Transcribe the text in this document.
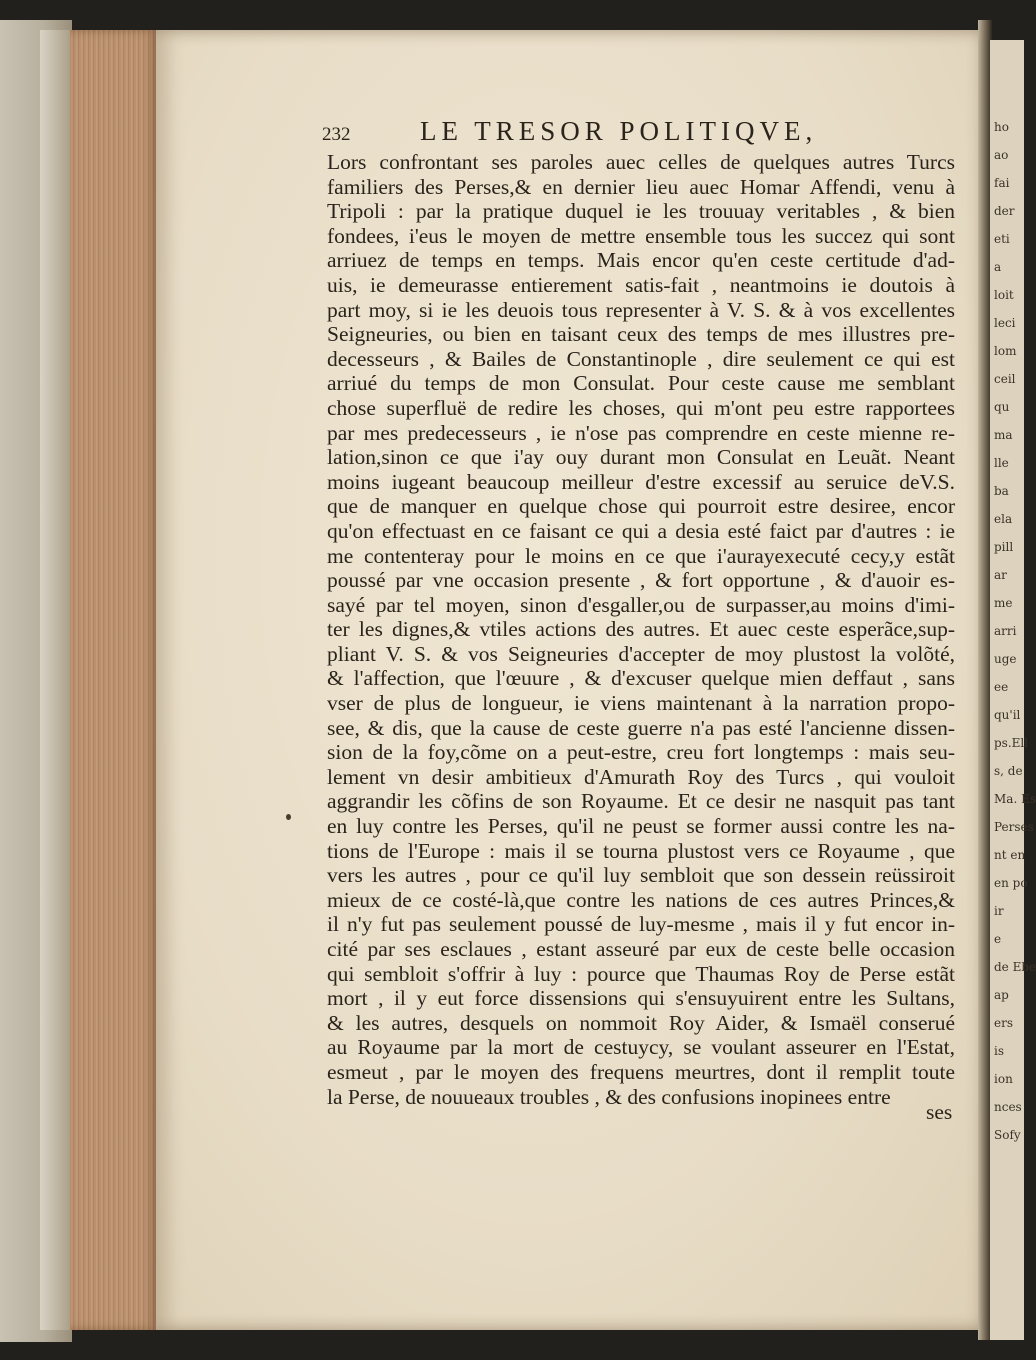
ho
ao
fai
der
eti
a
loit
leci
lom
ceil
qu
ma
lle
ba
ela
pill
ar
me
arri
uge
ee
qu'il
ps.Ell
s, de
Ma. Es
Perses
nt en
en po
ir
e
de Ebe
ap
ers
is
ion
nces
Sofy
232	LE TRESOR POLITIQVE,
Lors confrontant ses paroles auec celles de quelques autres Turcs
familiers des Perses,& en dernier lieu auec Homar Affendi, venu à
Tripoli : par la pratique duquel ie les trouuay veritables , & bien
fondees, i'eus le moyen de mettre ensemble tous les succez qui sont
arriuez de temps en temps. Mais encor qu'en ceste certitude d'ad-
uis, ie demeurasse entierement satis-fait , neantmoins ie doutois à
part moy, si ie les deuois tous representer à V. S. & à vos excellentes
Seigneuries, ou bien en taisant ceux des temps de mes illustres pre-
decesseurs , & Bailes de Constantinople , dire seulement ce qui est
arriué du temps de mon Consulat. Pour ceste cause me semblant
chose superfluë de redire les choses, qui m'ont peu estre rapportees
par mes predecesseurs , ie n'ose pas comprendre en ceste mienne re-
lation,sinon ce que i'ay ouy durant mon Consulat en Leuãt. Neant
moins iugeant beaucoup meilleur d'estre excessif au seruice deV.S.
que de manquer en quelque chose qui pourroit estre desiree, encor
qu'on effectuast en ce faisant ce qui a desia esté faict par d'autres : ie
me contenteray pour le moins en ce que i'aurayexecuté cecy,y estãt
poussé par vne occasion presente , & fort opportune , & d'auoir es-
sayé par tel moyen, sinon d'esgaller,ou de surpasser,au moins d'imi-
ter les dignes,& vtiles actions des autres. Et auec ceste esperãce,sup-
pliant V. S. & vos Seigneuries d'accepter de moy plustost la volõté,
& l'affection, que l'œuure , & d'excuser quelque mien deffaut , sans
vser de plus de longueur, ie viens maintenant à la narration propo-
see, & dis, que la cause de ceste guerre n'a pas esté l'ancienne dissen-
sion de la foy,cõme on a peut-estre, creu fort longtemps : mais seu-
lement vn desir ambitieux d'Amurath Roy des Turcs , qui vouloit
aggrandir les cõfins de son Royaume. Et ce desir ne nasquit pas tant
en luy contre les Perses, qu'il ne peust se former aussi contre les na-
tions de l'Europe : mais il se tourna plustost vers ce Royaume , que
vers les autres , pour ce qu'il luy sembloit que son dessein reüssiroit
mieux de ce costé-là,que contre les nations de ces autres Princes,&
il n'y fut pas seulement poussé de luy-mesme , mais il y fut encor in-
cité par ses esclaues , estant asseuré par eux de ceste belle occasion
qui sembloit s'offrir à luy : pource que Thaumas Roy de Perse estãt
mort , il y eut force dissensions qui s'ensuyuirent entre les Sultans,
& les autres, desquels on nommoit Roy Aider, & Ismaël conserué
au Royaume par la mort de cestuycy, se voulant asseurer en l'Estat,
esmeut , par le moyen des frequens meurtres, dont il remplit toute
la Perse, de nouueaux troubles , & des confusions inopinees entre
ses
